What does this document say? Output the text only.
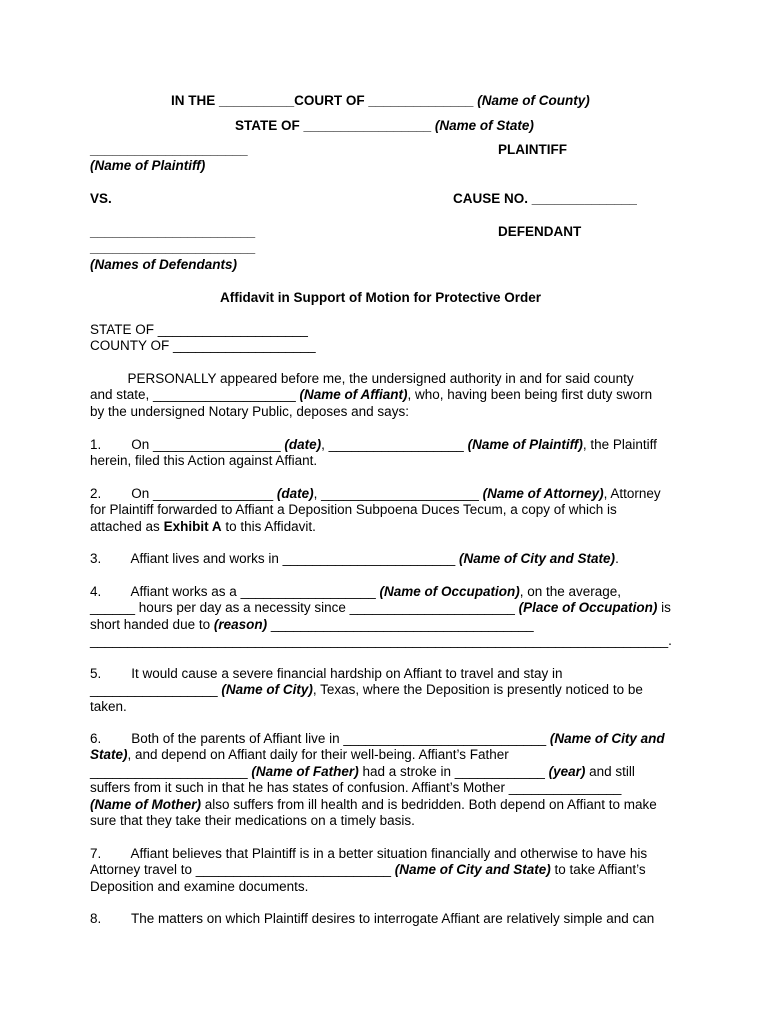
IN THE __________COURT OF ______________ (Name of County)
STATE OF _________________ (Name of State)
_____________________	PLAINTIFF
(Name of Plaintiff)
VS.	CAUSE NO. ______________
______________________	DEFENDANT
______________________
(Names of Defendants)
Affidavit in Support of Motion for Protective Order
STATE OF ____________________
COUNTY OF ___________________
PERSONALLY appeared before me, the undersigned authority in and for said county
and state, ___________________ (Name of Affiant), who, having been being first duty sworn
by the undersigned Notary Public, deposes and says:
1.        On _________________ (date), __________________ (Name of Plaintiff), the Plaintiff
herein, filed this Action against Affiant.
2.        On ________________ (date), _____________________ (Name of Attorney), Attorney
for Plaintiff forwarded to Affiant a Deposition Subpoena Duces Tecum, a copy of which is
attached as Exhibit A to this Affidavit.
3.        Affiant lives and works in _______________________ (Name of City and State).
4.        Affiant works as a __________________ (Name of Occupation), on the average,
______ hours per day as a necessity since ______________________ (Place of Occupation) is
short handed due to (reason) ___________________________________
_____________________________________________________________________________.
5.        It would cause a severe financial hardship on Affiant to travel and stay in
_________________ (Name of City), Texas, where the Deposition is presently noticed to be
taken.
6.        Both of the parents of Affiant live in ___________________________ (Name of City and
State), and depend on Affiant daily for their well-being. Affiant’s Father
_____________________ (Name of Father) had a stroke in ____________ (year) and still
suffers from it such in that he has states of confusion. Affiant’s Mother _______________
(Name of Mother) also suffers from ill health and is bedridden. Both depend on Affiant to make
sure that they take their medications on a timely basis.
7.        Affiant believes that Plaintiff is in a better situation financially and otherwise to have his
Attorney travel to __________________________ (Name of City and State) to take Affiant’s
Deposition and examine documents.
8.        The matters on which Plaintiff desires to interrogate Affiant are relatively simple and can
